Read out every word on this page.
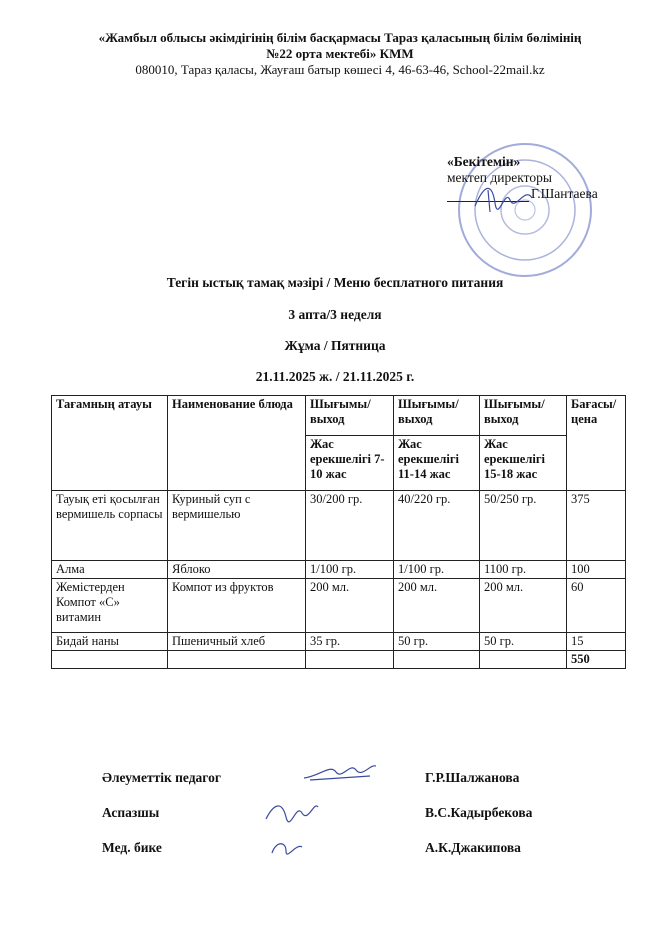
«Жамбыл облысы әкімдігінің білім басқармасы Тараз қаласының білім бөлімінің
№22 орта мектебі» КММ
080010, Тараз қаласы, Жауғаш батыр көшесі 4, 46-63-46, School-22mail.kz
«Бекітемін»
мектеп директоры
Г.Шантаева
Тегін ыстық тамақ мәзірі / Меню бесплатного питания
3 апта/3 неделя
Жұма / Пятница
21.11.2025 ж. / 21.11.2025 г.
Тағамның атауы	Наименование блюда	Шығымы/ выход	Шығымы/ выход	Шығымы/ выход	Бағасы/ цена
		Жас ерекшелігі 7-10 жас	Жас ерекшелігі 11-14 жас	Жас ерекшелігі 15-18 жас	
Тауық еті қосылған вермишель сорпасы	Куриный суп с вермишелью	30/200 гр.	40/220 гр.	50/250 гр.	375
Алма	Яблоко	1/100 гр.	1/100 гр.	1100 гр.	100
Жемістерден Компот «С» витамин	Компот из фруктов	200 мл.	200 мл.	200 мл.	60
Бидай наны	Пшеничный хлеб	35 гр.	50 гр.	50 гр.	15
					550
Әлеуметтік педагог	Г.Р.Шалжанова
Аспазшы	В.С.Кадырбекова
Мед. бике	А.К.Джакипова
